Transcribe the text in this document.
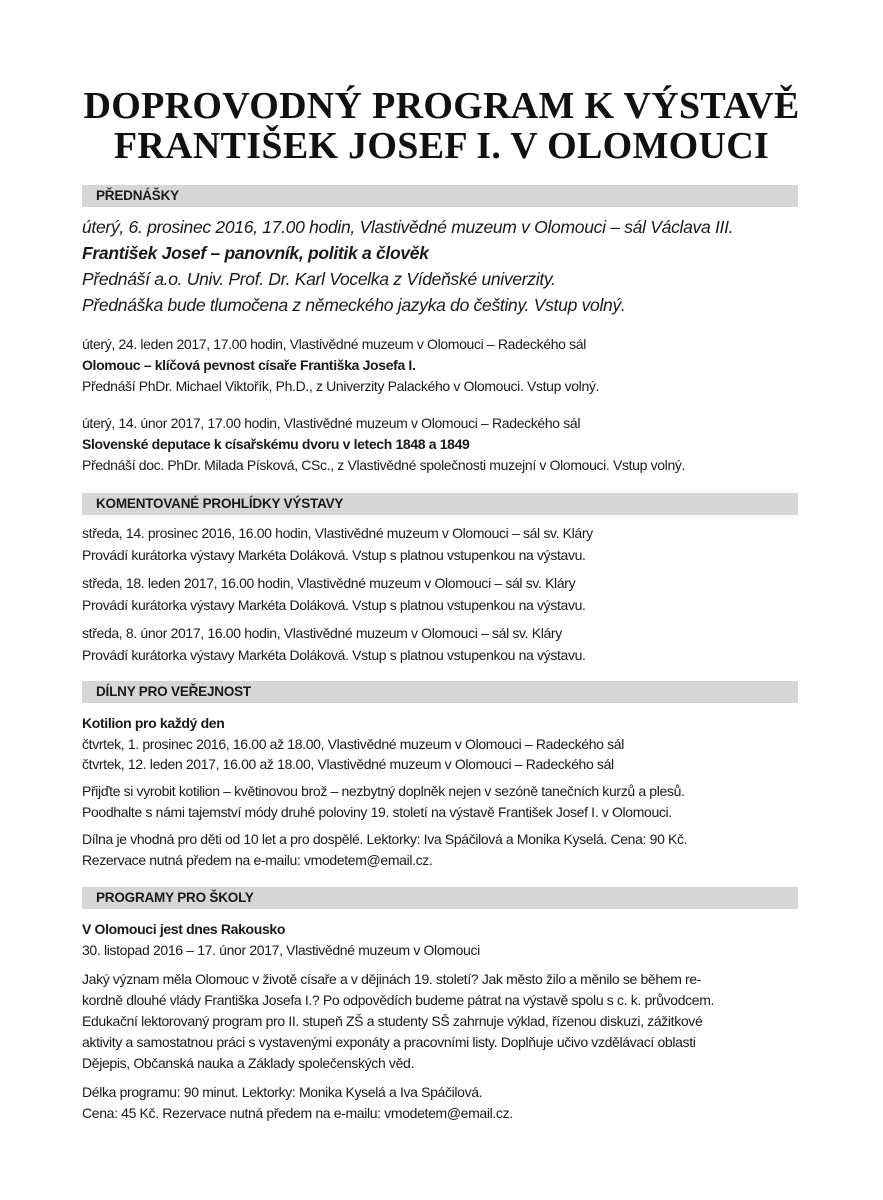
DOPROVODNÝ PROGRAM K VÝSTAVĚ
FRANTIŠEK JOSEF I. V OLOMOUCI
PŘEDNÁŠKY

úterý, 6. prosinec 2016, 17.00 hodin, Vlastivědné muzeum v Olomouci – sál Václava III.

František Josef – panovník, politik a člověk

Přednáší a.o. Univ. Prof. Dr. Karl Vocelka z Vídeňské univerzity.

Přednáška bude tlumočena z německého jazyka do češtiny. Vstup volný.

úterý, 24. leden 2017, 17.00 hodin, Vlastivědné muzeum v Olomouci – Radeckého sál

Olomouc – klíčová pevnost císaře Františka Josefa I.

Přednáší PhDr. Michael Viktořík, Ph.D., z Univerzity Palackého v Olomouci. Vstup volný.

úterý, 14. únor 2017, 17.00 hodin, Vlastivědné muzeum v Olomouci – Radeckého sál

Slovenské deputace k císařskému dvoru v letech 1848 a 1849

Přednáší doc. PhDr. Milada Písková, CSc., z Vlastivědné společnosti muzejní v Olomouci. Vstup volný.

KOMENTOVANÉ PROHLÍDKY VÝSTAVY

středa, 14. prosinec 2016, 16.00 hodin, Vlastivědné muzeum v Olomouci – sál sv. Kláry

Provádí kurátorka výstavy Markéta Doláková. Vstup s platnou vstupenkou na výstavu.

středa, 18. leden 2017, 16.00 hodin, Vlastivědné muzeum v Olomouci – sál sv. Kláry

Provádí kurátorka výstavy Markéta Doláková. Vstup s platnou vstupenkou na výstavu.

středa, 8. únor 2017, 16.00 hodin, Vlastivědné muzeum v Olomouci – sál sv. Kláry

Provádí kurátorka výstavy Markéta Doláková. Vstup s platnou vstupenkou na výstavu.

DÍLNY PRO VEŘEJNOST

Kotilion pro každý den

čtvrtek, 1. prosinec 2016, 16.00 až 18.00, Vlastivědné muzeum v Olomouci – Radeckého sál

čtvrtek, 12. leden 2017, 16.00 až 18.00, Vlastivědné muzeum v Olomouci – Radeckého sál

Přijďte si vyrobit kotilion – květinovou brož – nezbytný doplněk nejen v sezóně tanečních kurzů a plesů.

Poodhalte s námi tajemství módy druhé poloviny 19. století na výstavě František Josef I. v Olomouci.

Dílna je vhodná pro děti od 10 let a pro dospělé. Lektorky: Iva Spáčilová a Monika Kyselá. Cena: 90 Kč.

Rezervace nutná předem na e-mailu: vmodetem@email.cz.

PROGRAMY PRO ŠKOLY

V Olomouci jest dnes Rakousko

30. listopad 2016 – 17. únor 2017, Vlastivědné muzeum v Olomouci

Jaký význam měla Olomouc v životě císaře a v dějinách 19. století? Jak město žilo a měnilo se během re-

kordně dlouhé vlády Františka Josefa I.? Po odpovědích budeme pátrat na výstavě spolu s c. k. průvodcem.

Edukační lektorovaný program pro II. stupeň ZŠ a studenty SŠ zahrnuje výklad, řízenou diskuzi, zážitkové

aktivity a samostatnou práci s vystavenými exponáty a pracovními listy. Doplňuje učivo vzdělávací oblasti

Dějepis, Občanská nauka a Základy společenských věd.

Délka programu: 90 minut. Lektorky: Monika Kyselá a Iva Spáčilová.

Cena: 45 Kč. Rezervace nutná předem na e-mailu: vmodetem@email.cz.
